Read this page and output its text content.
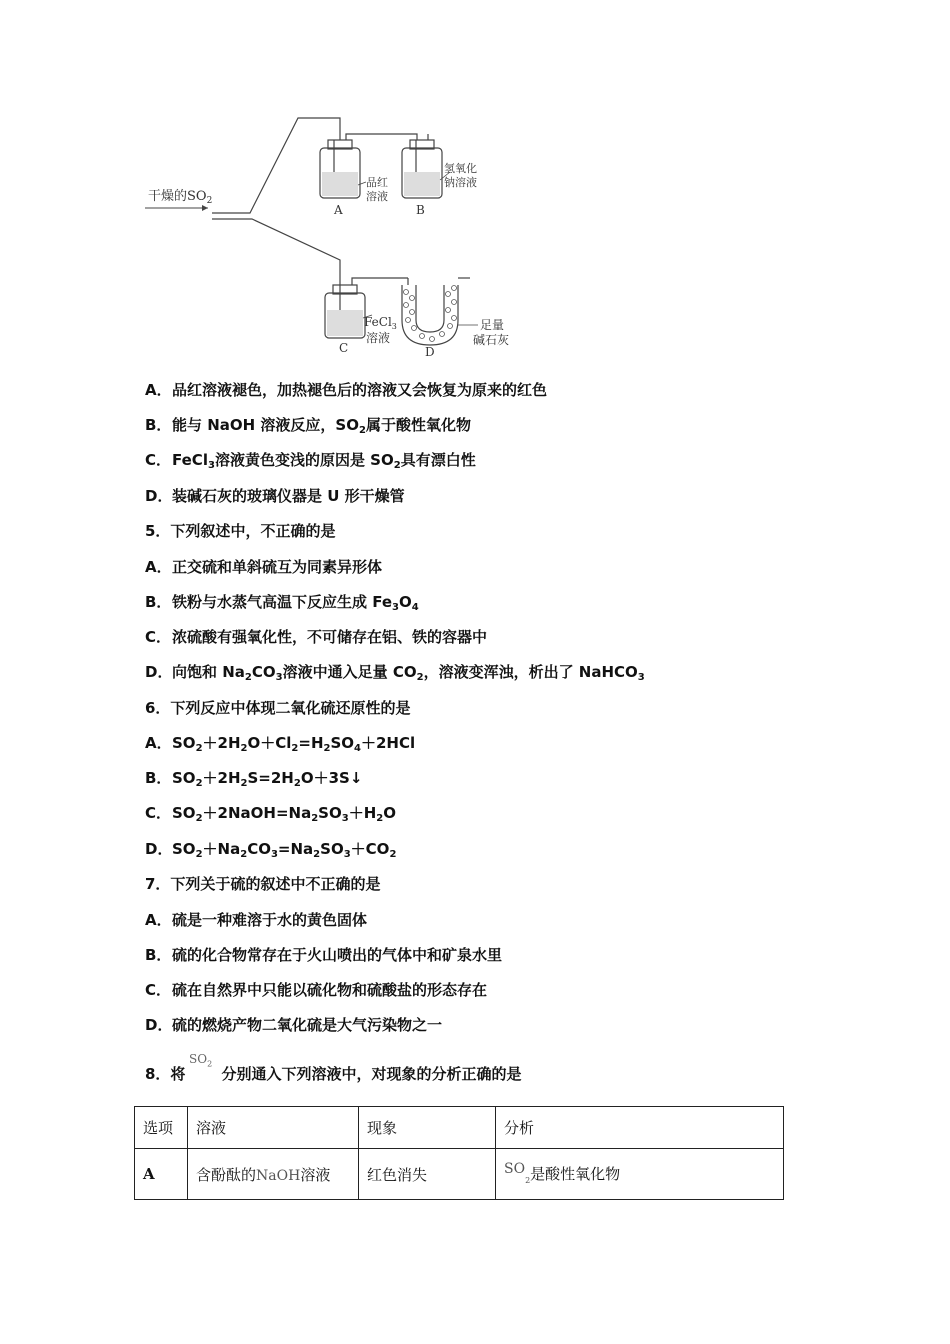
干燥的$SO_2$
品红
溶液
A
氢氧化
钠溶液
B
FeCl$_3$
溶液
C
足量
碱石灰
D
A．品红溶液褪色，加热褪色后的溶液又会恢复为原来的红色
B．能与 NaOH 溶液反应，$SO_2$属于酸性氧化物
C．FeCl$_3$溶液黄色变浅的原因是 $SO_2$具有漂白性
D．装碱石灰的玻璃仪器是 U 形干燥管
5．下列叙述中，不正确的是
A．正交硫和单斜硫互为同素异形体
B．铁粉与水蒸气高温下反应生成 $Fe_3O_4$
C．浓硫酸有强氧化性，不可储存在铝、铁的容器中
D．向饱和 $Na_2CO_3$溶液中通入足量 $CO_2$，溶液变浑浊，析出了 NaHCO$_3$
6．下列反应中体现二氧化硫还原性的是
A．$SO_2+2H_2O+Cl_2=H_2SO_4+2HCl$
B．$SO_2+2H_2S=2H_2O+3S↓$
C．$SO_2+2NaOH=Na_2SO_3+H_2O$
D．$SO_2+Na_2CO_3=Na_2SO_3+CO_2$
7．下列关于硫的叙述中不正确的是
A．硫是一种难溶于水的黄色固体
B．硫的化合物常存在于火山喷出的气体中和矿泉水里
C．硫在自然界中只能以硫化物和硫酸盐的形态存在
D．硫的燃烧产物二氧化硫是大气污染物之一
$SO_2$
8．将 分别通入下列溶液中，对现象的分析正确的是
选项	溶液	现象	分析
A	含酚酞的NaOH溶液	红色消失	$SO_2$是酸性氧化物
